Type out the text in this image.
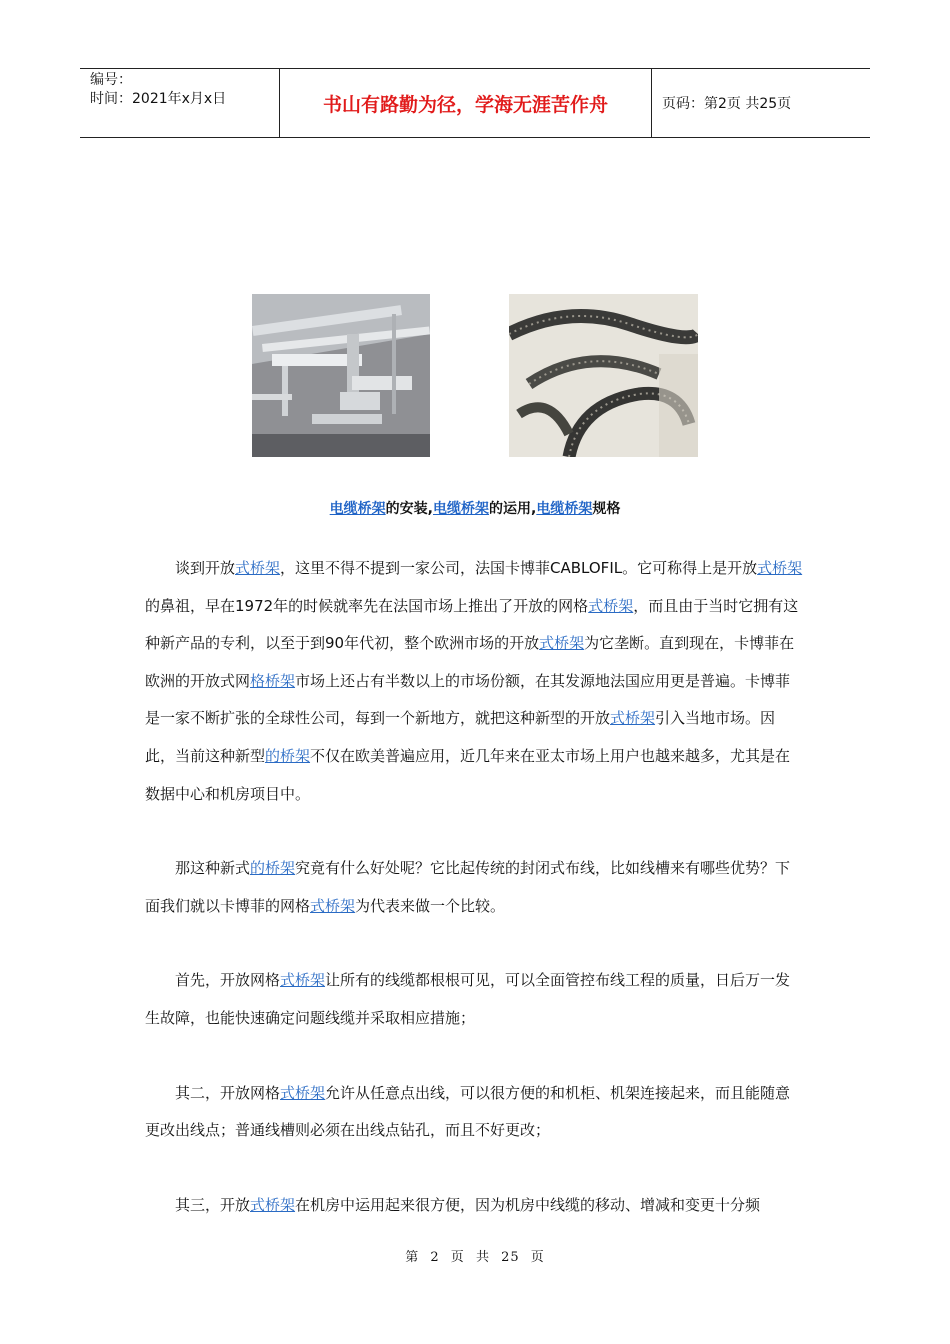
编号：
时间：2021年x月x日	书山有路勤为径，学海无涯苦作舟	页码：第2页 共25页
电缆桥架的安装,电缆桥架的运用,电缆桥架规格

谈到开放式桥架，这里不得不提到一家公司，法国卡博菲CABLOFIL。它可称得上是开放式桥架的鼻祖，早在1972年的时候就率先在法国市场上推出了开放的网格式桥架，而且由于当时它拥有这种新产品的专利，以至于到90年代初，整个欧洲市场的开放式桥架为它垄断。直到现在，卡博菲在欧洲的开放式网格桥架市场上还占有半数以上的市场份额，在其发源地法国应用更是普遍。卡博菲是一家不断扩张的全球性公司，每到一个新地方，就把这种新型的开放式桥架引入当地市场。因此，当前这种新型的桥架不仅在欧美普遍应用，近几年来在亚太市场上用户也越来越多，尤其是在数据中心和机房项目中。

那这种新式的桥架究竟有什么好处呢？它比起传统的封闭式布线，比如线槽来有哪些优势？下面我们就以卡博菲的网格式桥架为代表来做一个比较。

首先，开放网格式桥架让所有的线缆都根根可见，可以全面管控布线工程的质量，日后万一发生故障，也能快速确定问题线缆并采取相应措施；

其二，开放网格式桥架允许从任意点出线，可以很方便的和机柜、机架连接起来，而且能随意更改出线点；普通线槽则必须在出线点钻孔，而且不好更改；

其三，开放式桥架在机房中运用起来很方便，因为机房中线缆的移动、增减和变更十分频

第 2 页 共 25 页
